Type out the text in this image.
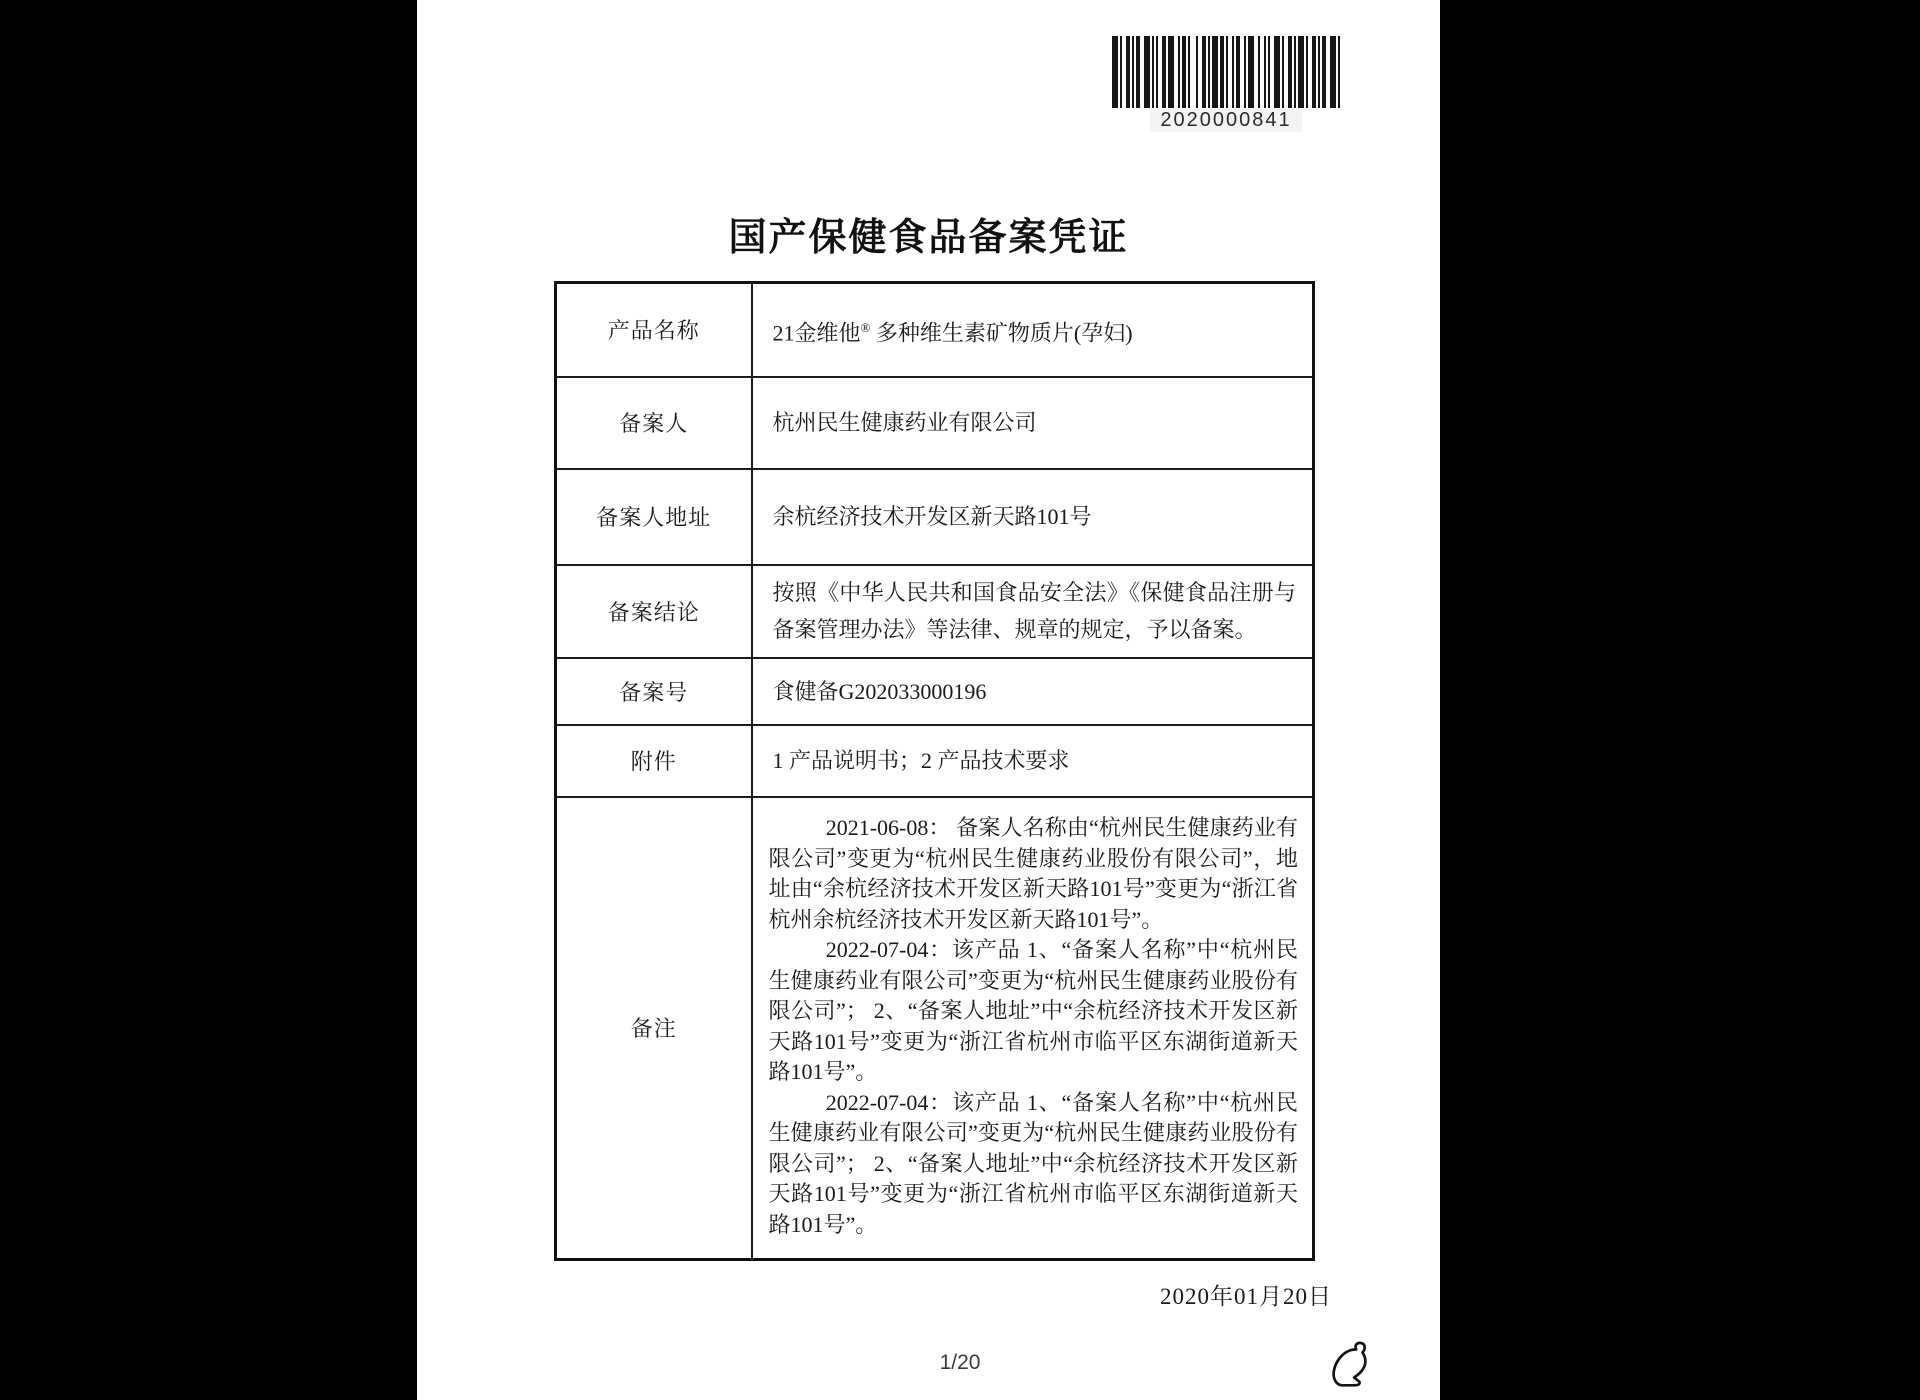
2020000841
国产保健食品备案凭证
产品名称	21金维他® 多种维生素矿物质片(孕妇)
备案人	杭州民生健康药业有限公司
备案人地址	余杭经济技术开发区新天路101号
备案结论	按照《中华人民共和国食品安全法》《保健食品注册与备案管理办法》等法律、规章的规定，予以备案。
备案号	食健备G202033000196
附件	1 产品说明书；2 产品技术要求
备注	2021-06-08： 备案人名称由“杭州民生健康药业有限公司”变更为“杭州民生健康药业股份有限公司”，地址由“余杭经济技术开发区新天路101号”变更为“浙江省杭州余杭经济技术开发区新天路101号”。

2022-07-04：该产品 1、“备案人名称”中“杭州民生健康药业有限公司”变更为“杭州民生健康药业股份有限公司”； 2、“备案人地址”中“余杭经济技术开发区新天路101号”变更为“浙江省杭州市临平区东湖街道新天路101号”。

2022-07-04：该产品 1、“备案人名称”中“杭州民生健康药业有限公司”变更为“杭州民生健康药业股份有限公司”； 2、“备案人地址”中“余杭经济技术开发区新天路101号”变更为“浙江省杭州市临平区东湖街道新天路101号”。

2020年01月20日
1/20
